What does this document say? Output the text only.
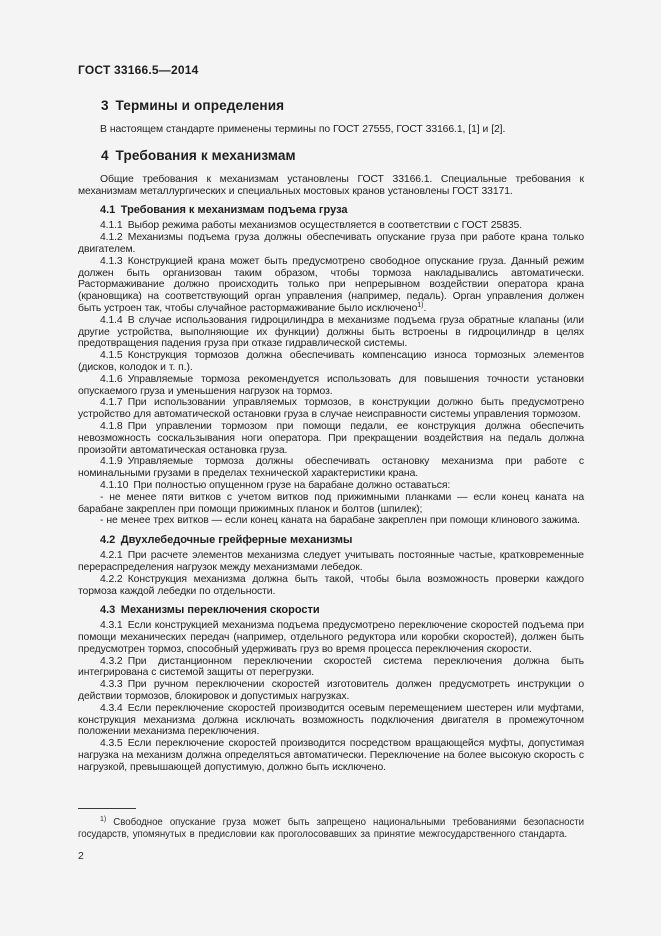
ГОСТ 33166.5—2014
3 Термины и определения

В настоящем стандарте применены термины по ГОСТ 27555, ГОСТ 33166.1, [1] и [2].

4 Требования к механизмам

Общие требования к механизмам установлены ГОСТ 33166.1. Специальные требования к механизмам металлургических и специальных мостовых кранов установлены ГОСТ 33171.

4.1 Требования к механизмам подъема груза

4.1.1 Выбор режима работы механизмов осуществляется в соответствии с ГОСТ 25835.

4.1.2 Механизмы подъема груза должны обеспечивать опускание груза при работе крана только двигателем.

4.1.3 Конструкцией крана может быть предусмотрено свободное опускание груза. Данный режим должен быть организован таким образом, чтобы тормоза накладывались автоматически. Растормаживание должно происходить только при непрерывном воздействии оператора крана (крановщика) на соответствующий орган управления (например, педаль). Орган управления должен быть устроен так, чтобы случайное растормаживание было исключено$^{1)}$.

4.1.4 В случае использования гидроцилиндра в механизме подъема груза обратные клапаны (или другие устройства, выполняющие их функции) должны быть встроены в гидроцилиндр в целях предотвращения падения груза при отказе гидравлической системы.

4.1.5 Конструкция тормозов должна обеспечивать компенсацию износа тормозных элементов (дисков, колодок и т. п.).

4.1.6 Управляемые тормоза рекомендуется использовать для повышения точности установки опускаемого груза и уменьшения нагрузок на тормоз.

4.1.7 При использовании управляемых тормозов, в конструкции должно быть предусмотрено устройство для автоматической остановки груза в случае неисправности системы управления тормозом.

4.1.8 При управлении тормозом при помощи педали, ее конструкция должна обеспечить невозможность соскальзывания ноги оператора. При прекращении воздействия на педаль должна произойти автоматическая остановка груза.

4.1.9 Управляемые тормоза должны обеспечивать остановку механизма при работе с номинальными грузами в пределах технической характеристики крана.

4.1.10 При полностью опущенном грузе на барабане должно оставаться:

- не менее пяти витков с учетом витков под прижимными планками — если конец каната на барабане закреплен при помощи прижимных планок и болтов (шпилек);

- не менее трех витков — если конец каната на барабане закреплен при помощи клинового зажима.

4.2 Двухлебедочные грейферные механизмы

4.2.1 При расчете элементов механизма следует учитывать постоянные частые, кратковременные перераспределения нагрузок между механизмами лебедок.

4.2.2 Конструкция механизма должна быть такой, чтобы была возможность проверки каждого тормоза каждой лебедки по отдельности.

4.3 Механизмы переключения скорости

4.3.1 Если конструкцией механизма подъема предусмотрено переключение скоростей подъема при помощи механических передач (например, отдельного редуктора или коробки скоростей), должен быть предусмотрен тормоз, способный удерживать груз во время процесса переключения скорости.

4.3.2 При дистанционном переключении скоростей система переключения должна быть интегрирована с системой защиты от перегрузки.

4.3.3 При ручном переключении скоростей изготовитель должен предусмотреть инструкции о действии тормозов, блокировок и допустимых нагрузках.

4.3.4 Если переключение скоростей производится осевым перемещением шестерен или муфтами, конструкция механизма должна исключать возможность подключения двигателя в промежуточном положении механизма переключения.

4.3.5 Если переключение скоростей производится посредством вращающейся муфты, допустимая нагрузка на механизм должна определяться автоматически. Переключение на более высокую скорость с нагрузкой, превышающей допустимую, должно быть исключено.

$^{1)}$ Свободное опускание груза может быть запрещено национальными требованиями безопасности государств, упомянутых в предисловии как проголосовавших за принятие межгосударственного стандарта.

2
